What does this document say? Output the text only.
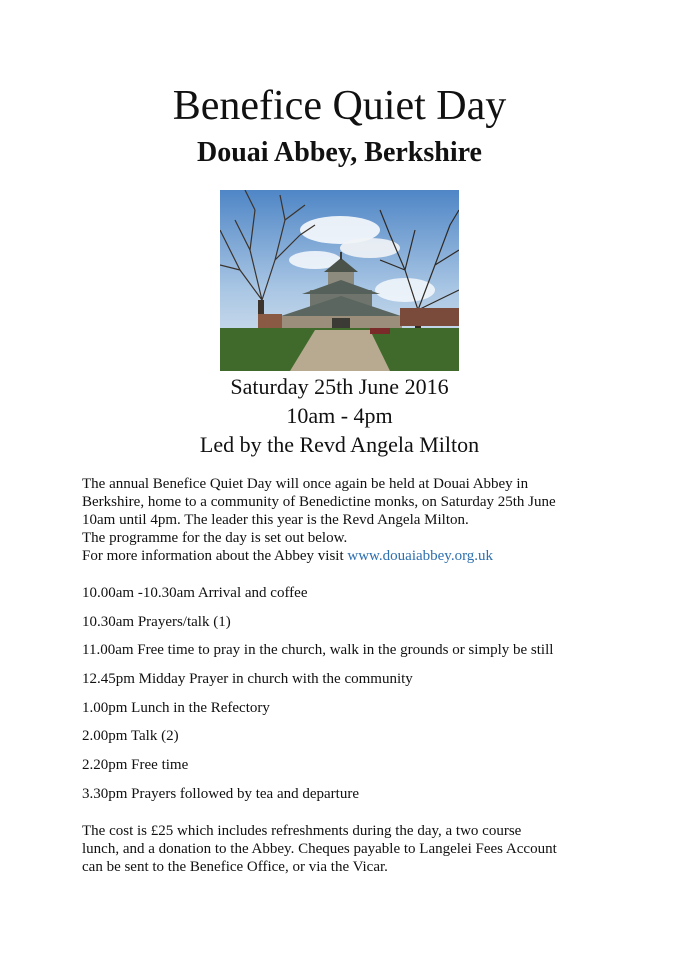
Benefice Quiet Day
Douai Abbey, Berkshire
Saturday 25th June 2016
10am - 4pm
Led by the Revd Angela Milton

The annual Benefice Quiet Day will once again be held at Douai Abbey in

Berkshire, home to a community of Benedictine monks, on Saturday 25th June

10am until 4pm. The leader this year is the Revd Angela Milton.

The programme for the day is set out below.

For more information about the Abbey visit www.douaiabbey.org.uk

10.00am -10.30am Arrival and coffee
10.30am Prayers/talk (1)
11.00am Free time to pray in the church, walk in the grounds or simply be still
12.45pm Midday Prayer in church with the community
1.00pm Lunch in the Refectory
2.00pm Talk (2)
2.20pm Free time
3.30pm Prayers followed by tea and departure
The cost is £25 which includes refreshments during the day, a two course
lunch, and a donation to the Abbey. Cheques payable to Langelei Fees Account
can be sent to the Benefice Office, or via the Vicar.
